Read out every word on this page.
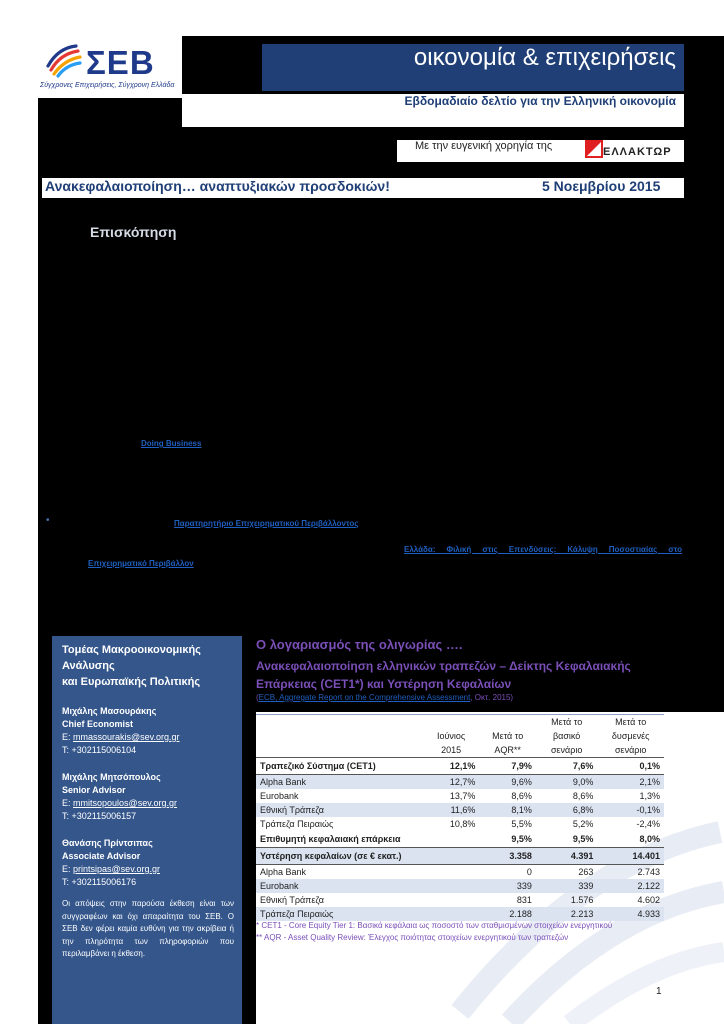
ΣΕΒ
Σύγχρονες Επιχειρήσεις, Σύγχρονη Ελλάδα
οικονομία & επιχειρήσεις
Εβδομαδιαίο δελτίο για την Ελληνική οικονομία
Με την ευγενική χορηγία της	ΕΛΛΑΚΤΩΡ
Ανακεφαλαιοποίηση… αναπτυξιακών προσδοκιών!	5 Νοεμβρίου 2015
Επισκόπηση
Doing Business
•	Παρατηρητήριο Επιχειρηματικού Περιβάλλοντος
Ελλάδα: Φιλική στις Επενδύσεις: Κάλυψη Ποσοστιαίας στο
Επιχειρηματικό Περιβάλλον
Τομέας Μακροοικονομικής
Ανάλυσης
και Ευρωπαϊκής Πολιτικής
Μιχάλης Μασουράκης
Chief Economist
E: mmassourakis@sev.org.gr
T: +302115006104
Μιχάλης Μητσόπουλος
Senior Advisor
E: mmitsopoulos@sev.org.gr
T: +302115006157
Θανάσης Πρίντσιπας
Associate Advisor
E: printsipas@sev.org.gr
T: +302115006176
Οι απόψεις στην παρούσα έκθεση είναι των συγγραφέων και όχι απαραίτητα του ΣΕΒ. Ο ΣΕΒ δεν φέρει καμία ευθύνη για την ακρίβεια ή την πληρότητα των πληροφοριών που περιλαμβάνει η έκθεση.
Ο λογαριασμός της ολιγωρίας ….
Ανακεφαλαιοποίηση ελληνικών τραπεζών – Δείκτης Κεφαλαιακής Επάρκειας (CET1*) και Υστέρηση Κεφαλαίων
(ECB, Aggregate Report on the Comprehensive Assessment, Οκτ. 2015)
	Ιούνιος 2015	Μετά το AQR**	Μετά το βασικό σενάριο	Μετά το δυσμενές σενάριο
Τραπεζικό Σύστημα (CET1)	12,1%	7,9%	7,6%	0,1%
Alpha Bank	12,7%	9,6%	9,0%	2,1%
Eurobank	13,7%	8,6%	8,6%	1,3%
Εθνική Τράπεζα	11,6%	8,1%	6,8%	-0,1%
Τράπεζα Πειραιώς	10,8%	5,5%	5,2%	-2,4%
Επιθυμητή κεφαλαιακή επάρκεια		9,5%	9,5%	8,0%
Υστέρηση κεφαλαίων (σε € εκατ.)		3.358	4.391	14.401
Alpha Bank		0	263	2.743
Eurobank		339	339	2.122
Εθνική Τράπεζα		831	1.576	4.602
Τράπεζα Πειραιώς		2.188	2.213	4.933
* CET1 - Core Equity Tier 1: Βασικά κεφάλαια ως ποσοστό των σταθμισμένων στοιχείων ενεργητικού
** AQR - Asset Quality Review: Έλεγχος ποιότητας στοιχείων ενεργητικού των τραπεζών
1
